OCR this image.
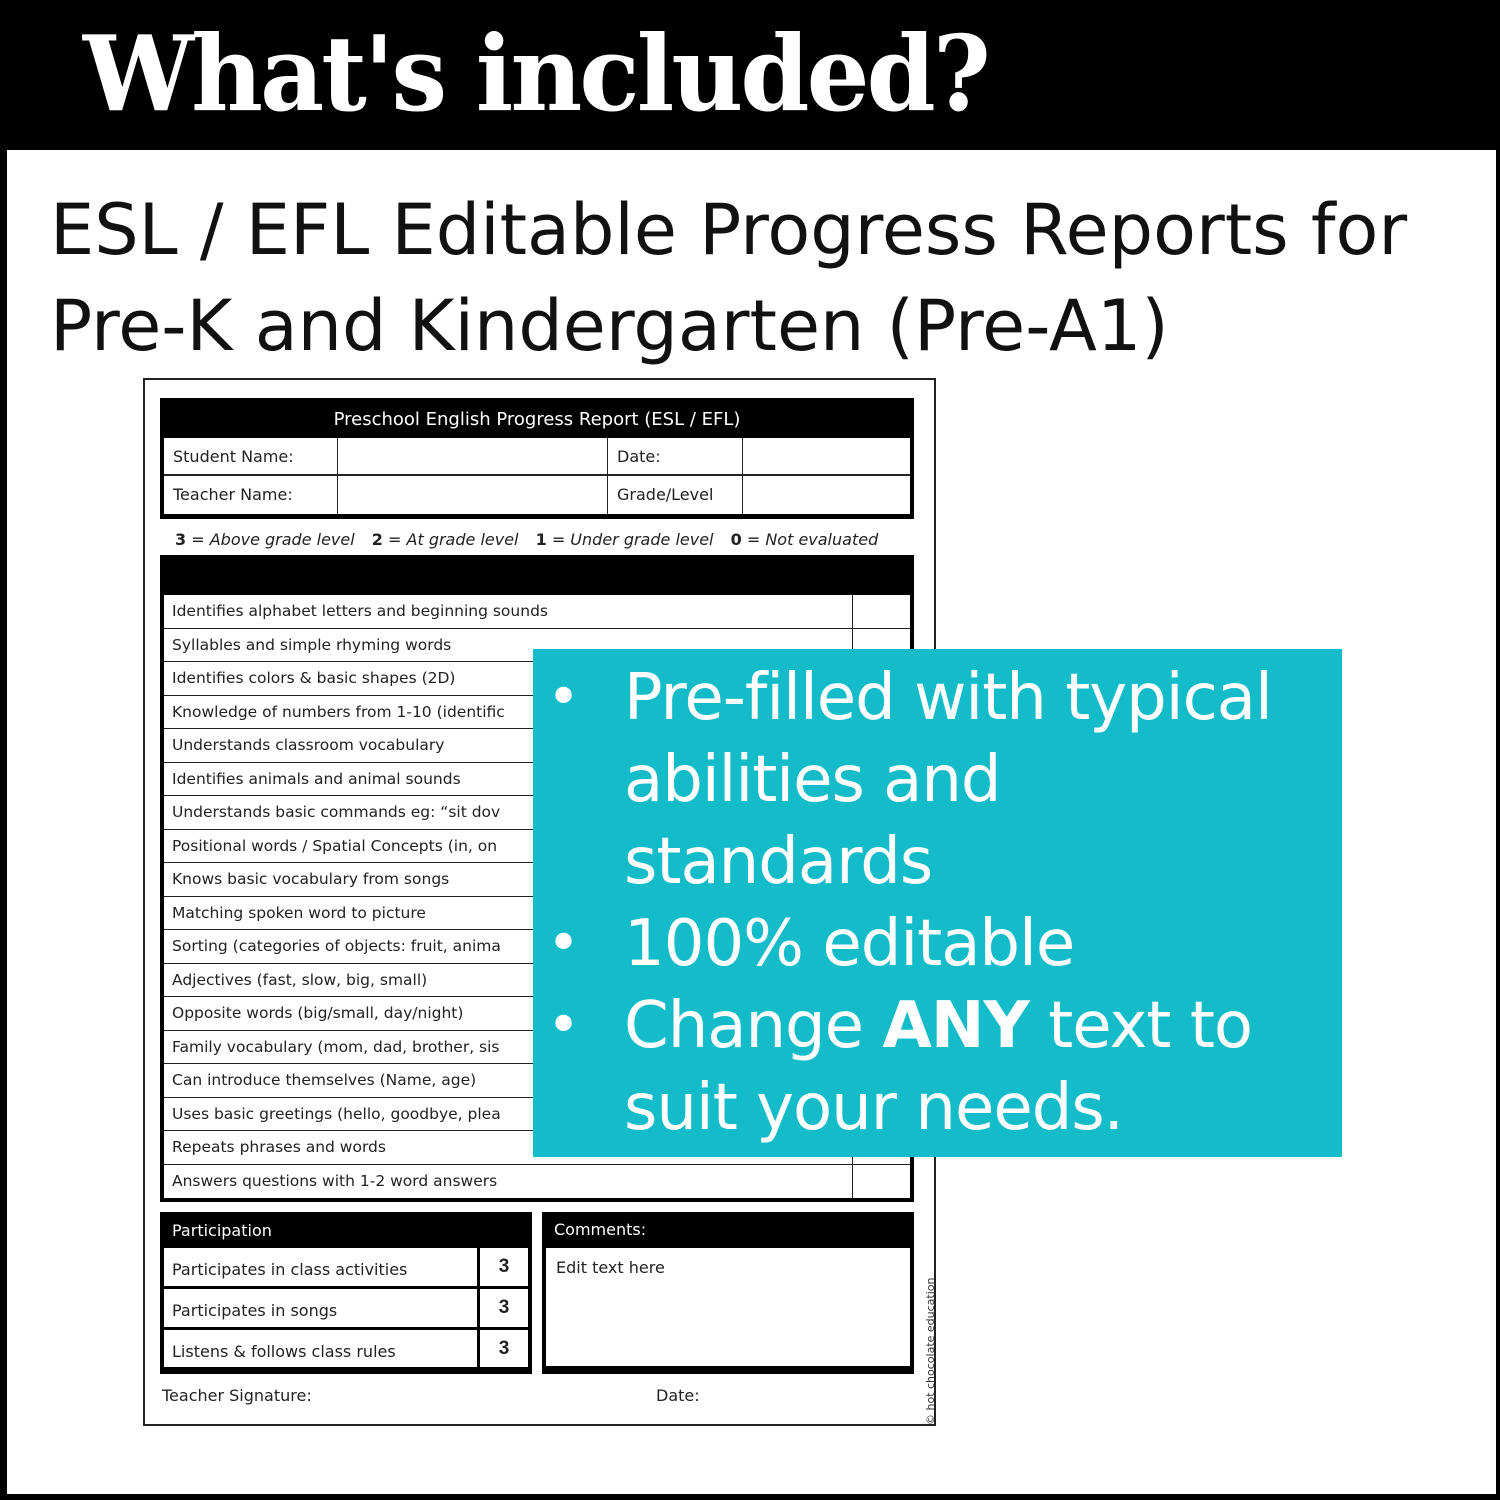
What's included?
ESL / EFL Editable Progress Reports for
Pre-K and Kindergarten (Pre-A1)
Preschool English Progress Report (ESL / EFL)
Student Name:	Date:
Teacher Name:	Grade/Level
3 = Above grade level 2 = At grade level 1 = Under grade level 0 = Not evaluated
Identifies alphabet letters and beginning sounds
Syllables and simple rhyming words
Identifies colors & basic shapes (2D)
Knowledge of numbers from 1-10 (identific
Understands classroom vocabulary
Identifies animals and animal sounds
Understands basic commands eg: “sit dov
Positional words / Spatial Concepts (in, on
Knows basic vocabulary from songs
Matching spoken word to picture
Sorting (categories of objects: fruit, anima
Adjectives (fast, slow, big, small)
Opposite words (big/small, day/night)
Family vocabulary (mom, dad, brother, sis
Can introduce themselves (Name, age)
Uses basic greetings (hello, goodbye, plea
Repeats phrases and words
Answers questions with 1-2 word answers
Participation
Participates in class activities	3
Participates in songs	3
Listens & follows class rules	3
Comments:
Edit text here
Teacher Signature:	Date:	© hot chocolate education
• Pre-filled with typical
abilities and
standards
• 100% editable
• Change ANY text to
suit your needs.
